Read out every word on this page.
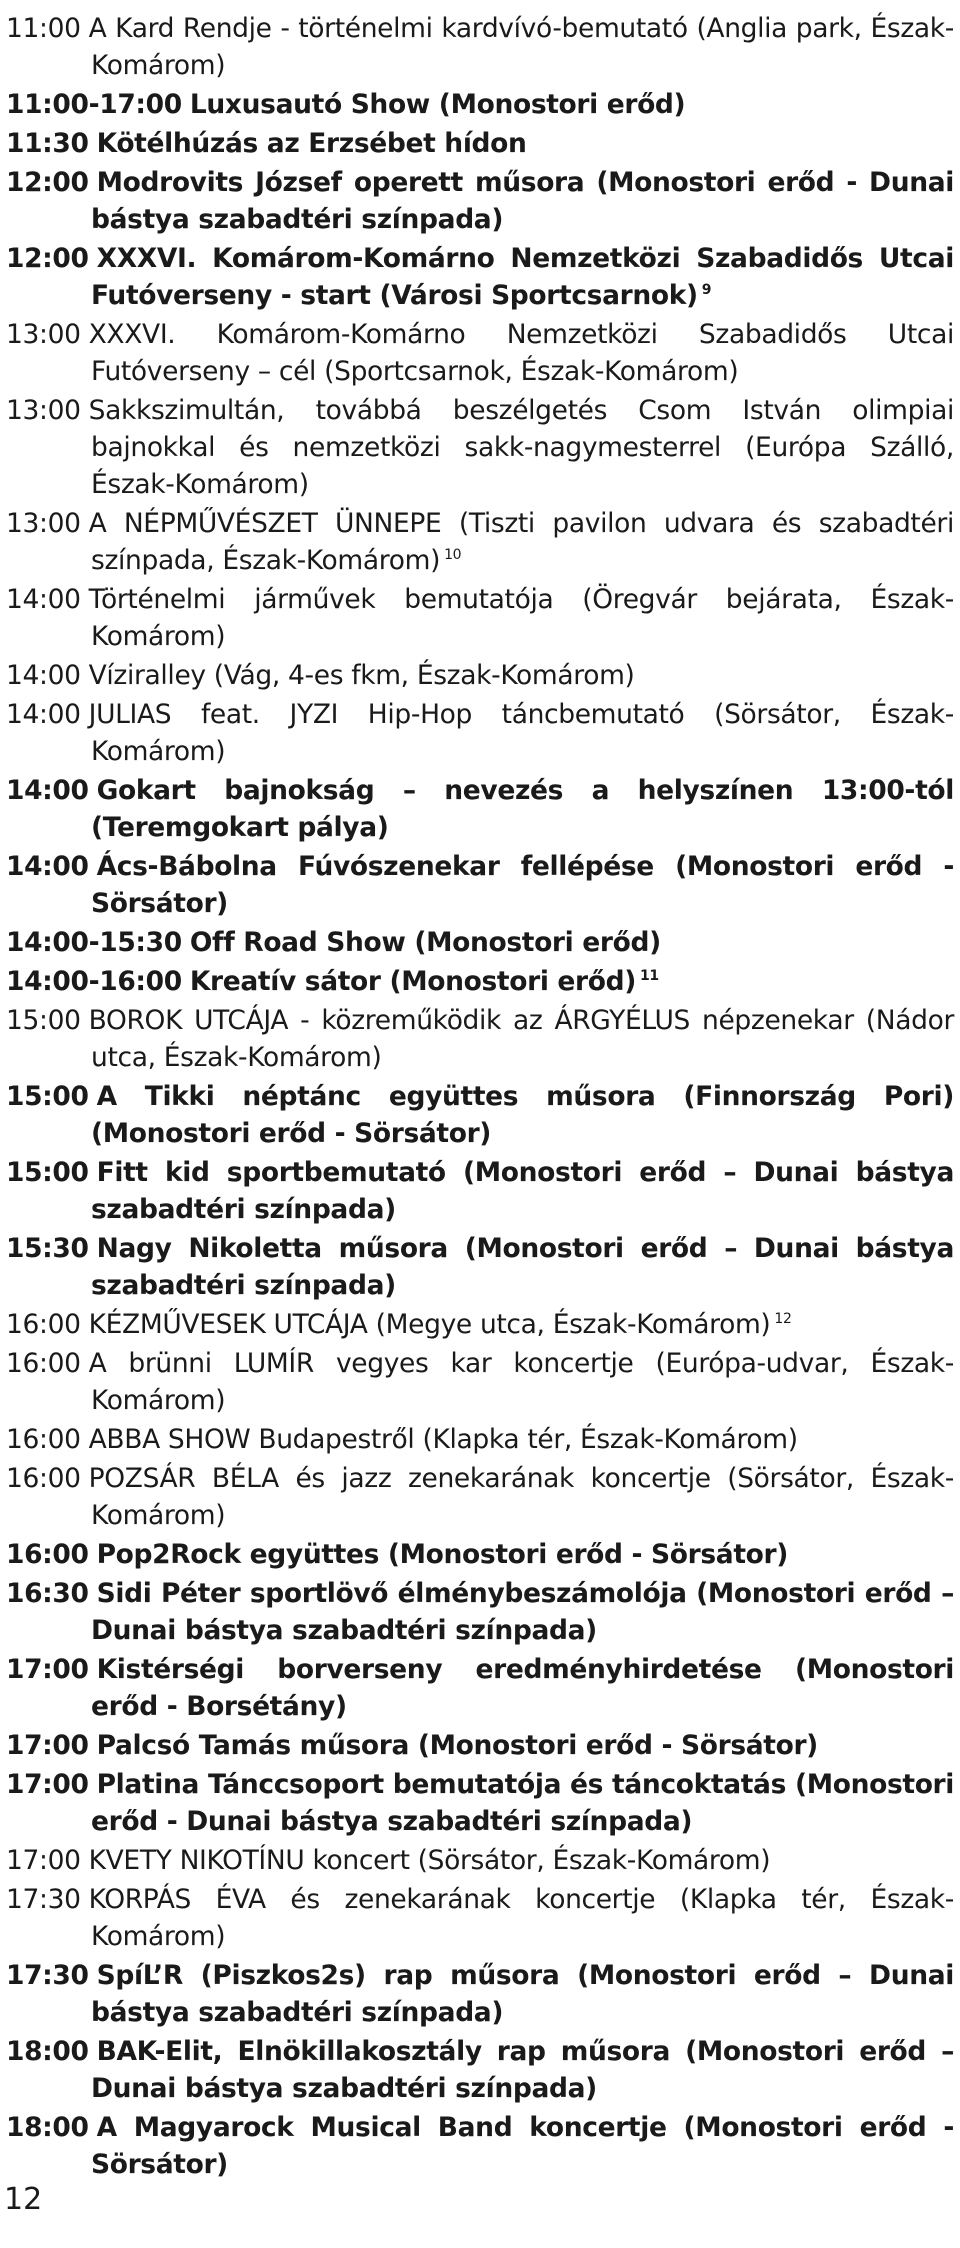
11:00 A Kard Rendje - történelmi kardvívó-bemutató (Anglia park, Észak-Komárom)
11:00-17:00 Luxusautó Show (Monostori erőd)
11:30 Kötélhúzás az Erzsébet hídon
12:00 Modrovits József operett műsora (Monostori erőd - Dunai bástya szabadtéri színpada)
12:00 XXXVI. Komárom-Komárno Nemzetközi Szabadidős Utcai Futóverseny - start (Városi Sportcsarnok) $^9$
13:00 XXXVI. Komárom-Komárno Nemzetközi Szabadidős Utcai Futóverseny – cél (Sportcsarnok, Észak-Komárom)
13:00 Sakkszimultán, továbbá beszélgetés Csom István olimpiai bajnokkal és nemzetközi sakk-nagymesterrel (Európa Szálló, Észak-Komárom)
13:00 A NÉPMŰVÉSZET ÜNNEPE (Tiszti pavilon udvara és szabadtéri színpada, Észak-Komárom) $^{10}$
14:00 Történelmi járművek bemutatója (Öregvár bejárata, Észak-Komárom)
14:00 Víziralley (Vág, 4-es fkm, Észak-Komárom)
14:00 JULIAS feat. JYZI Hip-Hop táncbemutató (Sörsátor, Észak-Komárom)
14:00 Gokart bajnokság – nevezés a helyszínen 13:00-tól (Teremgokart pálya)
14:00 Ács-Bábolna Fúvószenekar fellépése (Monostori erőd - Sörsátor)
14:00-15:30 Off Road Show (Monostori erőd)
14:00-16:00 Kreatív sátor (Monostori erőd) $^{11}$
15:00 BOROK UTCÁJA - közreműködik az ÁRGYÉLUS népzenekar (Nádor utca, Észak-Komárom)
15:00 A Tikki néptánc együttes műsora (Finnország Pori) (Monostori erőd - Sörsátor)
15:00 Fitt kid sportbemutató (Monostori erőd – Dunai bástya szabadtéri színpada)
15:30 Nagy Nikoletta műsora (Monostori erőd – Dunai bástya szabadtéri színpada)
16:00 KÉZMŰVESEK UTCÁJA (Megye utca, Észak-Komárom) $^{12}$
16:00 A brünni LUMÍR vegyes kar koncertje (Európa-udvar, Észak-Komárom)
16:00 ABBA SHOW Budapestről (Klapka tér, Észak-Komárom)
16:00 POZSÁR BÉLA és jazz zenekarának koncertje (Sörsátor, Észak-Komárom)
16:00 Pop2Rock együttes (Monostori erőd - Sörsátor)
16:30 Sidi Péter sportlövő élménybeszámolója (Monostori erőd – Dunai bástya szabadtéri színpada)
17:00 Kistérségi borverseny eredményhirdetése (Monostori erőd - Borsétány)
17:00 Palcsó Tamás műsora (Monostori erőd - Sörsátor)
17:00 Platina Tánccsoport bemutatója és táncoktatás (Monostori erőd - Dunai bástya szabadtéri színpada)
17:00 KVETY NIKOTÍNU koncert (Sörsátor, Észak-Komárom)
17:30 KORPÁS ÉVA és zenekarának koncertje (Klapka tér, Észak-Komárom)
17:30 SpíL’R (Piszkos2s) rap műsora (Monostori erőd – Dunai bástya szabadtéri színpada)
18:00 BAK-Elit, Elnökillakosztály rap műsora (Monostori erőd – Dunai bástya szabadtéri színpada)
18:00 A Magyarock Musical Band koncertje (Monostori erőd - Sörsátor)
12
